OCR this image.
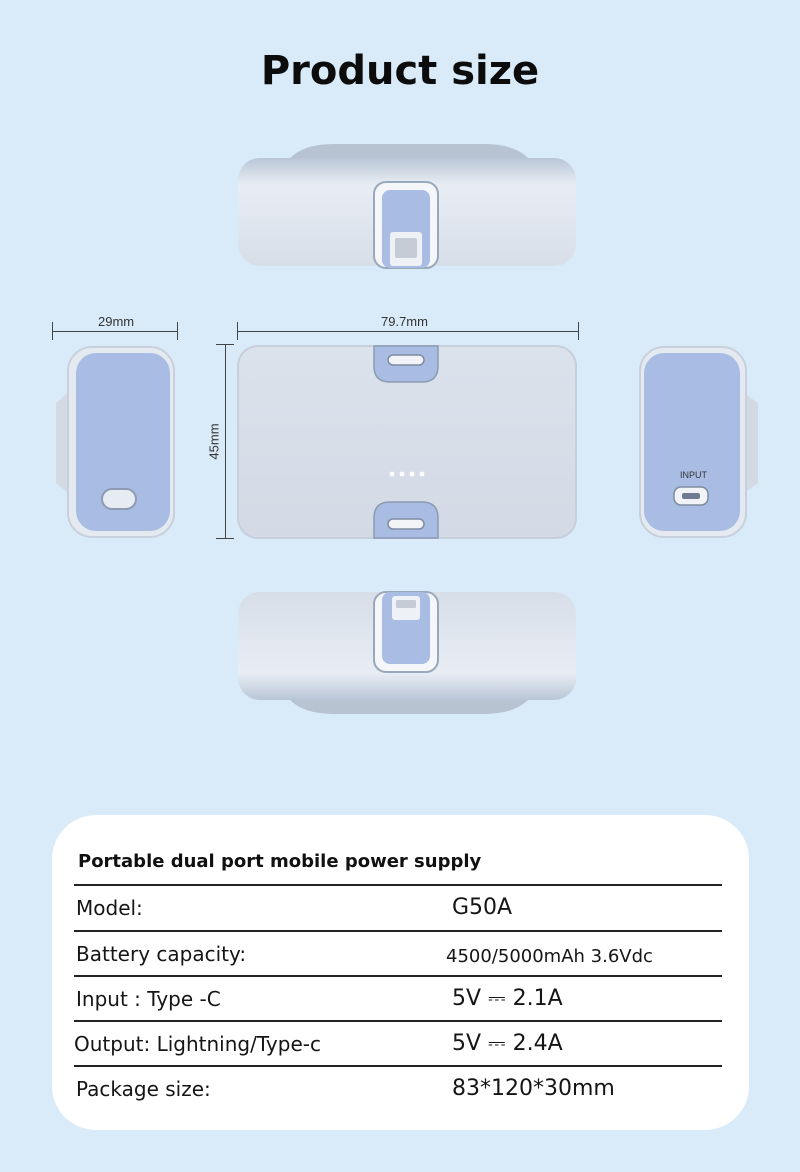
Product size
INPUT
29mm	79.7mm
45mm
Portable dual port mobile power supply
Model:	G50A
Battery capacity:	4500/5000mAh 3.6Vdc
Input : Type -C	5V ⎓ 2.1A
Output: Lightning/Type-c	5V ⎓ 2.4A
Package size:	83*120*30mm
